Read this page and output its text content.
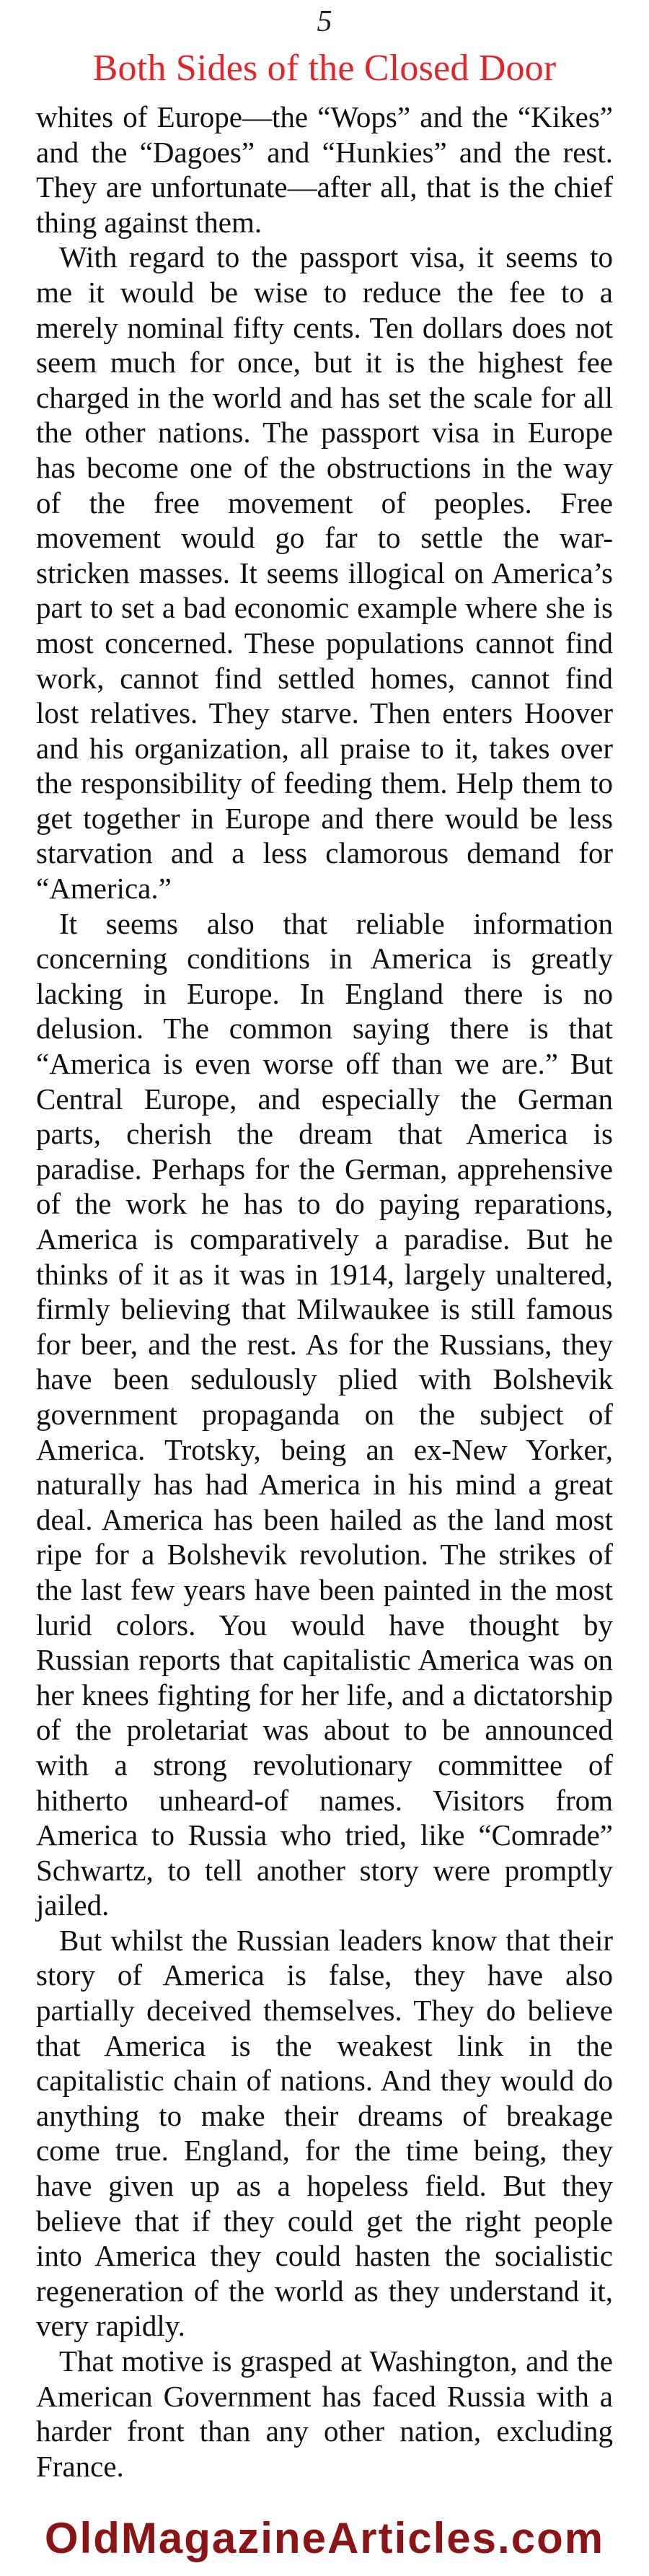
5
Both Sides of the Closed Door

whites of Europe—the “Wops” and the “Kikes” and the “Dagoes” and “Hunkies” and the rest. They are unfortunate—after all, that is the chief thing against them.

With regard to the passport visa, it seems to me it would be wise to reduce the fee to a merely nominal fifty cents. Ten dollars does not seem much for once, but it is the highest fee charged in the world and has set the scale for all the other nations. The passport visa in Europe has become one of the obstructions in the way of the free movement of peoples. Free movement would go far to settle the war-stricken masses. It seems illogical on America’s part to set a bad economic example where she is most concerned. These populations cannot find work, cannot find settled homes, cannot find lost relatives. They starve. Then enters Hoover and his organization, all praise to it, takes over the responsibility of feeding them. Help them to get together in Europe and there would be less starvation and a less clamorous demand for “America.”

It seems also that reliable information concerning conditions in America is greatly lacking in Europe. In England there is no delusion. The common saying there is that “America is even worse off than we are.” But Central Europe, and especially the German parts, cherish the dream that America is paradise. Perhaps for the German, apprehensive of the work he has to do paying reparations, America is comparatively a paradise. But he thinks of it as it was in 1914, largely unaltered, firmly believing that Milwaukee is still famous for beer, and the rest. As for the Russians, they have been sedulously plied with Bolshevik government propaganda on the subject of America. Trotsky, being an ex-New Yorker, naturally has had America in his mind a great deal. America has been hailed as the land most ripe for a Bolshevik revolution. The strikes of the last few years have been painted in the most lurid colors. You would have thought by Russian reports that capitalistic America was on her knees fighting for her life, and a dictatorship of the proletariat was about to be announced with a strong revolutionary committee of hitherto unheard-of names. Visitors from America to Russia who tried, like “Comrade” Schwartz, to tell another story were promptly jailed.

But whilst the Russian leaders know that their story of America is false, they have also partially deceived themselves. They do believe that America is the weakest link in the capitalistic chain of nations. And they would do anything to make their dreams of breakage come true. England, for the time being, they have given up as a hopeless field. But they believe that if they could get the right people into America they could hasten the socialistic regeneration of the world as they understand it, very rapidly.

That motive is grasped at Washington, and the American Government has faced Russia with a harder front than any other nation, excluding France.

OldMagazineArticles.com
